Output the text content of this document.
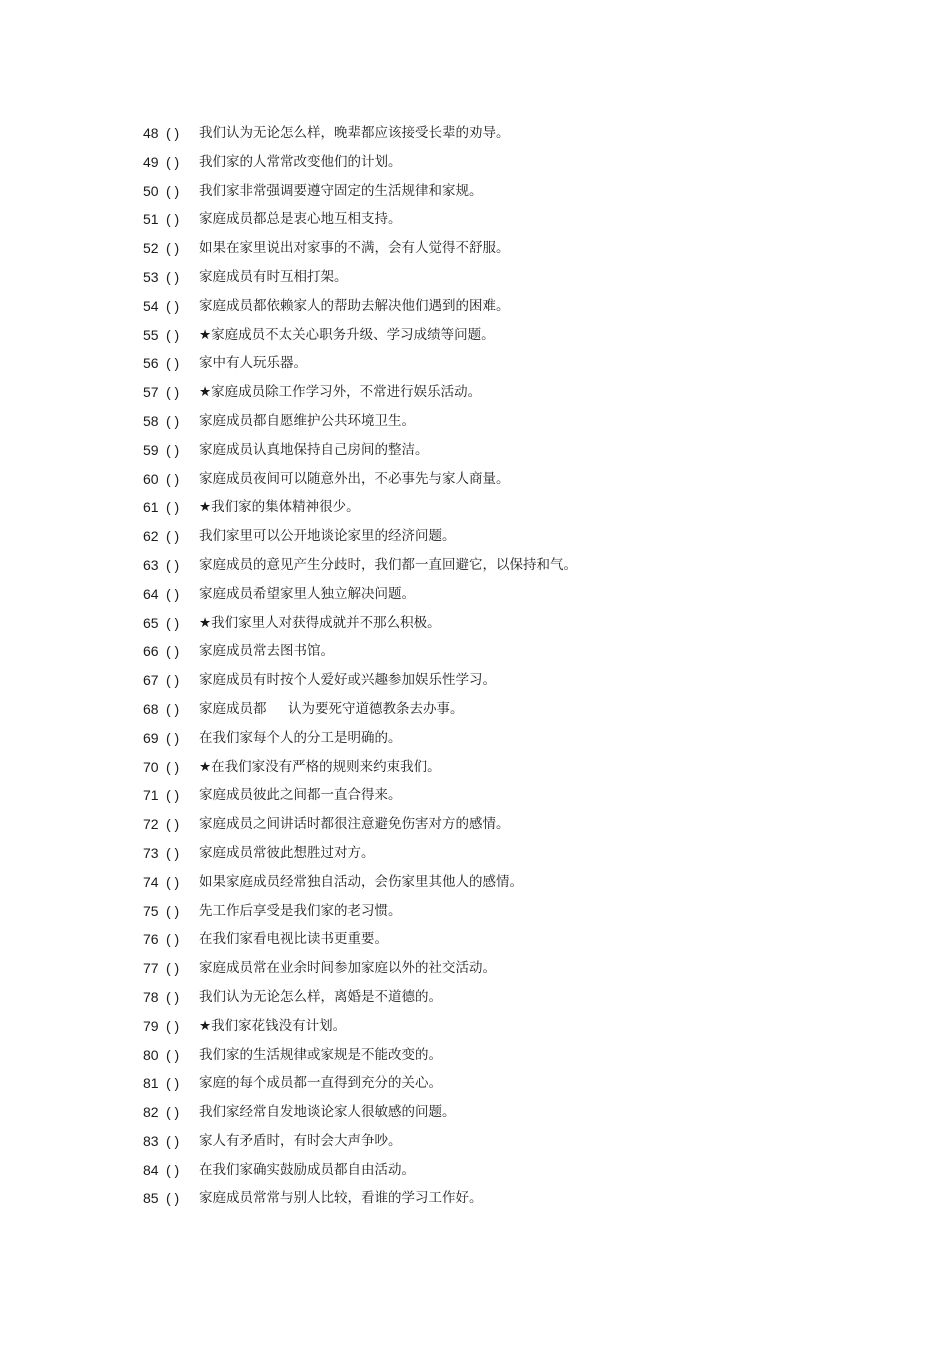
48 ( )	我们认为无论怎么样，晚辈都应该接受长辈的劝导。
49 ( )	我们家的人常常改变他们的计划。
50 ( )	我们家非常强调要遵守固定的生活规律和家规。
51 ( )	家庭成员都总是衷心地互相支持。
52 ( )	如果在家里说出对家事的不满，会有人觉得不舒服。
53 ( )	家庭成员有时互相打架。
54 ( )	家庭成员都依赖家人的帮助去解决他们遇到的困难。
55 ( )	★家庭成员不太关心职务升级、学习成绩等问题。
56 ( )	家中有人玩乐器。
57 ( )	★家庭成员除工作学习外，不常进行娱乐活动。
58 ( )	家庭成员都自愿维护公共环境卫生。
59 ( )	家庭成员认真地保持自己房间的整洁。
60 ( )	家庭成员夜间可以随意外出，不必事先与家人商量。
61 ( )	★我们家的集体精神很少。
62 ( )	我们家里可以公开地谈论家里的经济问题。
63 ( )	家庭成员的意见产生分歧时，我们都一直回避它，以保持和气。
64 ( )	家庭成员希望家里人独立解决问题。
65 ( )	★我们家里人对获得成就并不那么积极。
66 ( )	家庭成员常去图书馆。
67 ( )	家庭成员有时按个人爱好或兴趣参加娱乐性学习。
68 ( )	家庭成员都     认为要死守道德教条去办事。
69 ( )	在我们家每个人的分工是明确的。
70 ( )	★在我们家没有严格的规则来约束我们。
71 ( )	家庭成员彼此之间都一直合得来。
72 ( )	家庭成员之间讲话时都很注意避免伤害对方的感情。
73 ( )	家庭成员常彼此想胜过对方。
74 ( )	如果家庭成员经常独自活动，会伤家里其他人的感情。
75 ( )	先工作后享受是我们家的老习惯。
76 ( )	在我们家看电视比读书更重要。
77 ( )	家庭成员常在业余时间参加家庭以外的社交活动。
78 ( )	我们认为无论怎么样，离婚是不道德的。
79 ( )	★我们家花钱没有计划。
80 ( )	我们家的生活规律或家规是不能改变的。
81 ( )	家庭的每个成员都一直得到充分的关心。
82 ( )	我们家经常自发地谈论家人很敏感的问题。
83 ( )	家人有矛盾时，有时会大声争吵。
84 ( )	在我们家确实鼓励成员都自由活动。
85 ( )	家庭成员常常与别人比较，看谁的学习工作好。
